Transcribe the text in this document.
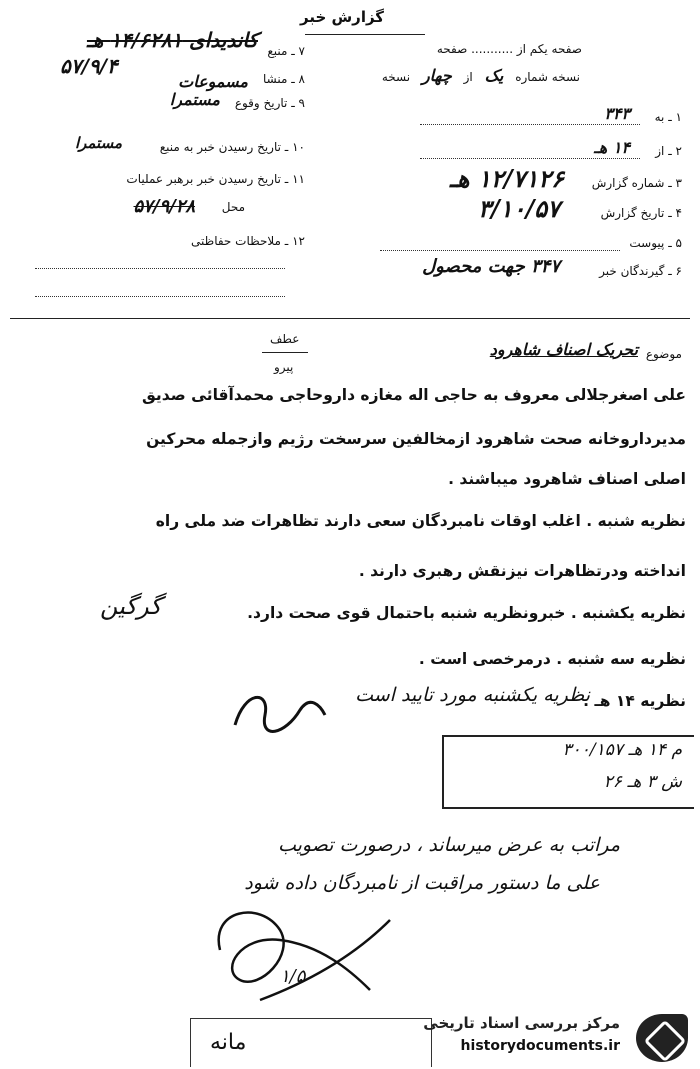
گزارش خبر
صفحه یکم از ........... صفحه
نسخه شماره یک از چهار نسخه
۱ ـ به
۳۴۳
۲ ـ از
۱۴ هـ
۳ ـ شماره گزارش
۱۲/۷۱۲۶ هـ
۴ ـ تاریخ گزارش
۳/۱۰/۵۷
۵ ـ پیوست
۶ ـ گیرندگان خبر
۳۴۷ جهت محصول
۷ ـ منبع
کاندیدای ۱۴/۶۲۸۱ هـ
۵۷/۹/۴
۸ ـ منشا
مسموعات
۹ ـ تاریخ وقوع
مستمرا
۱۰ ـ تاریخ رسیدن خبر به منبع
مستمرا
۱۱ ـ تاریخ رسیدن خبر برهبر عملیات
محل
۵۷/۹/۲۸
۱۲ ـ ملاحظات حفاظتی
موضوع
تحریک اصناف شاهرود
عطف
پیرو
علی اصغرجلالی معروف به حاجی اله مغازه داروحاجی محمدآقائی صدیق
مدیرداروخانه صحت شاهرود ازمخالفین سرسخت رژیم وازجمله محرکین
اصلی اصناف شاهرود میباشند .
نظریه شنبه . اغلب اوقات نامبردگان سعی دارند تظاهرات ضد ملی راه
انداخته ودرتظاهرات نیزنقش رهبری دارند .
نظریه یکشنبه . خبرونظریه شنبه باحتمال قوی صحت دارد.
گرگین
نظریه سه شنبه . درمرخصی است .
نظریه ۱۴ هـ .
نظریه یکشنبه مورد تایید است
م ۱۴ هـ ۳۰۰/۱۵۷
ش ۳ هـ ۲۶
مراتب به عرض میرساند ، درصورت تصویب
علی ما دستور مراقبت از نامبردگان داده شود
۱/۵
مانه
مرکز بررسی اسناد تاریخی
historydocuments.ir
